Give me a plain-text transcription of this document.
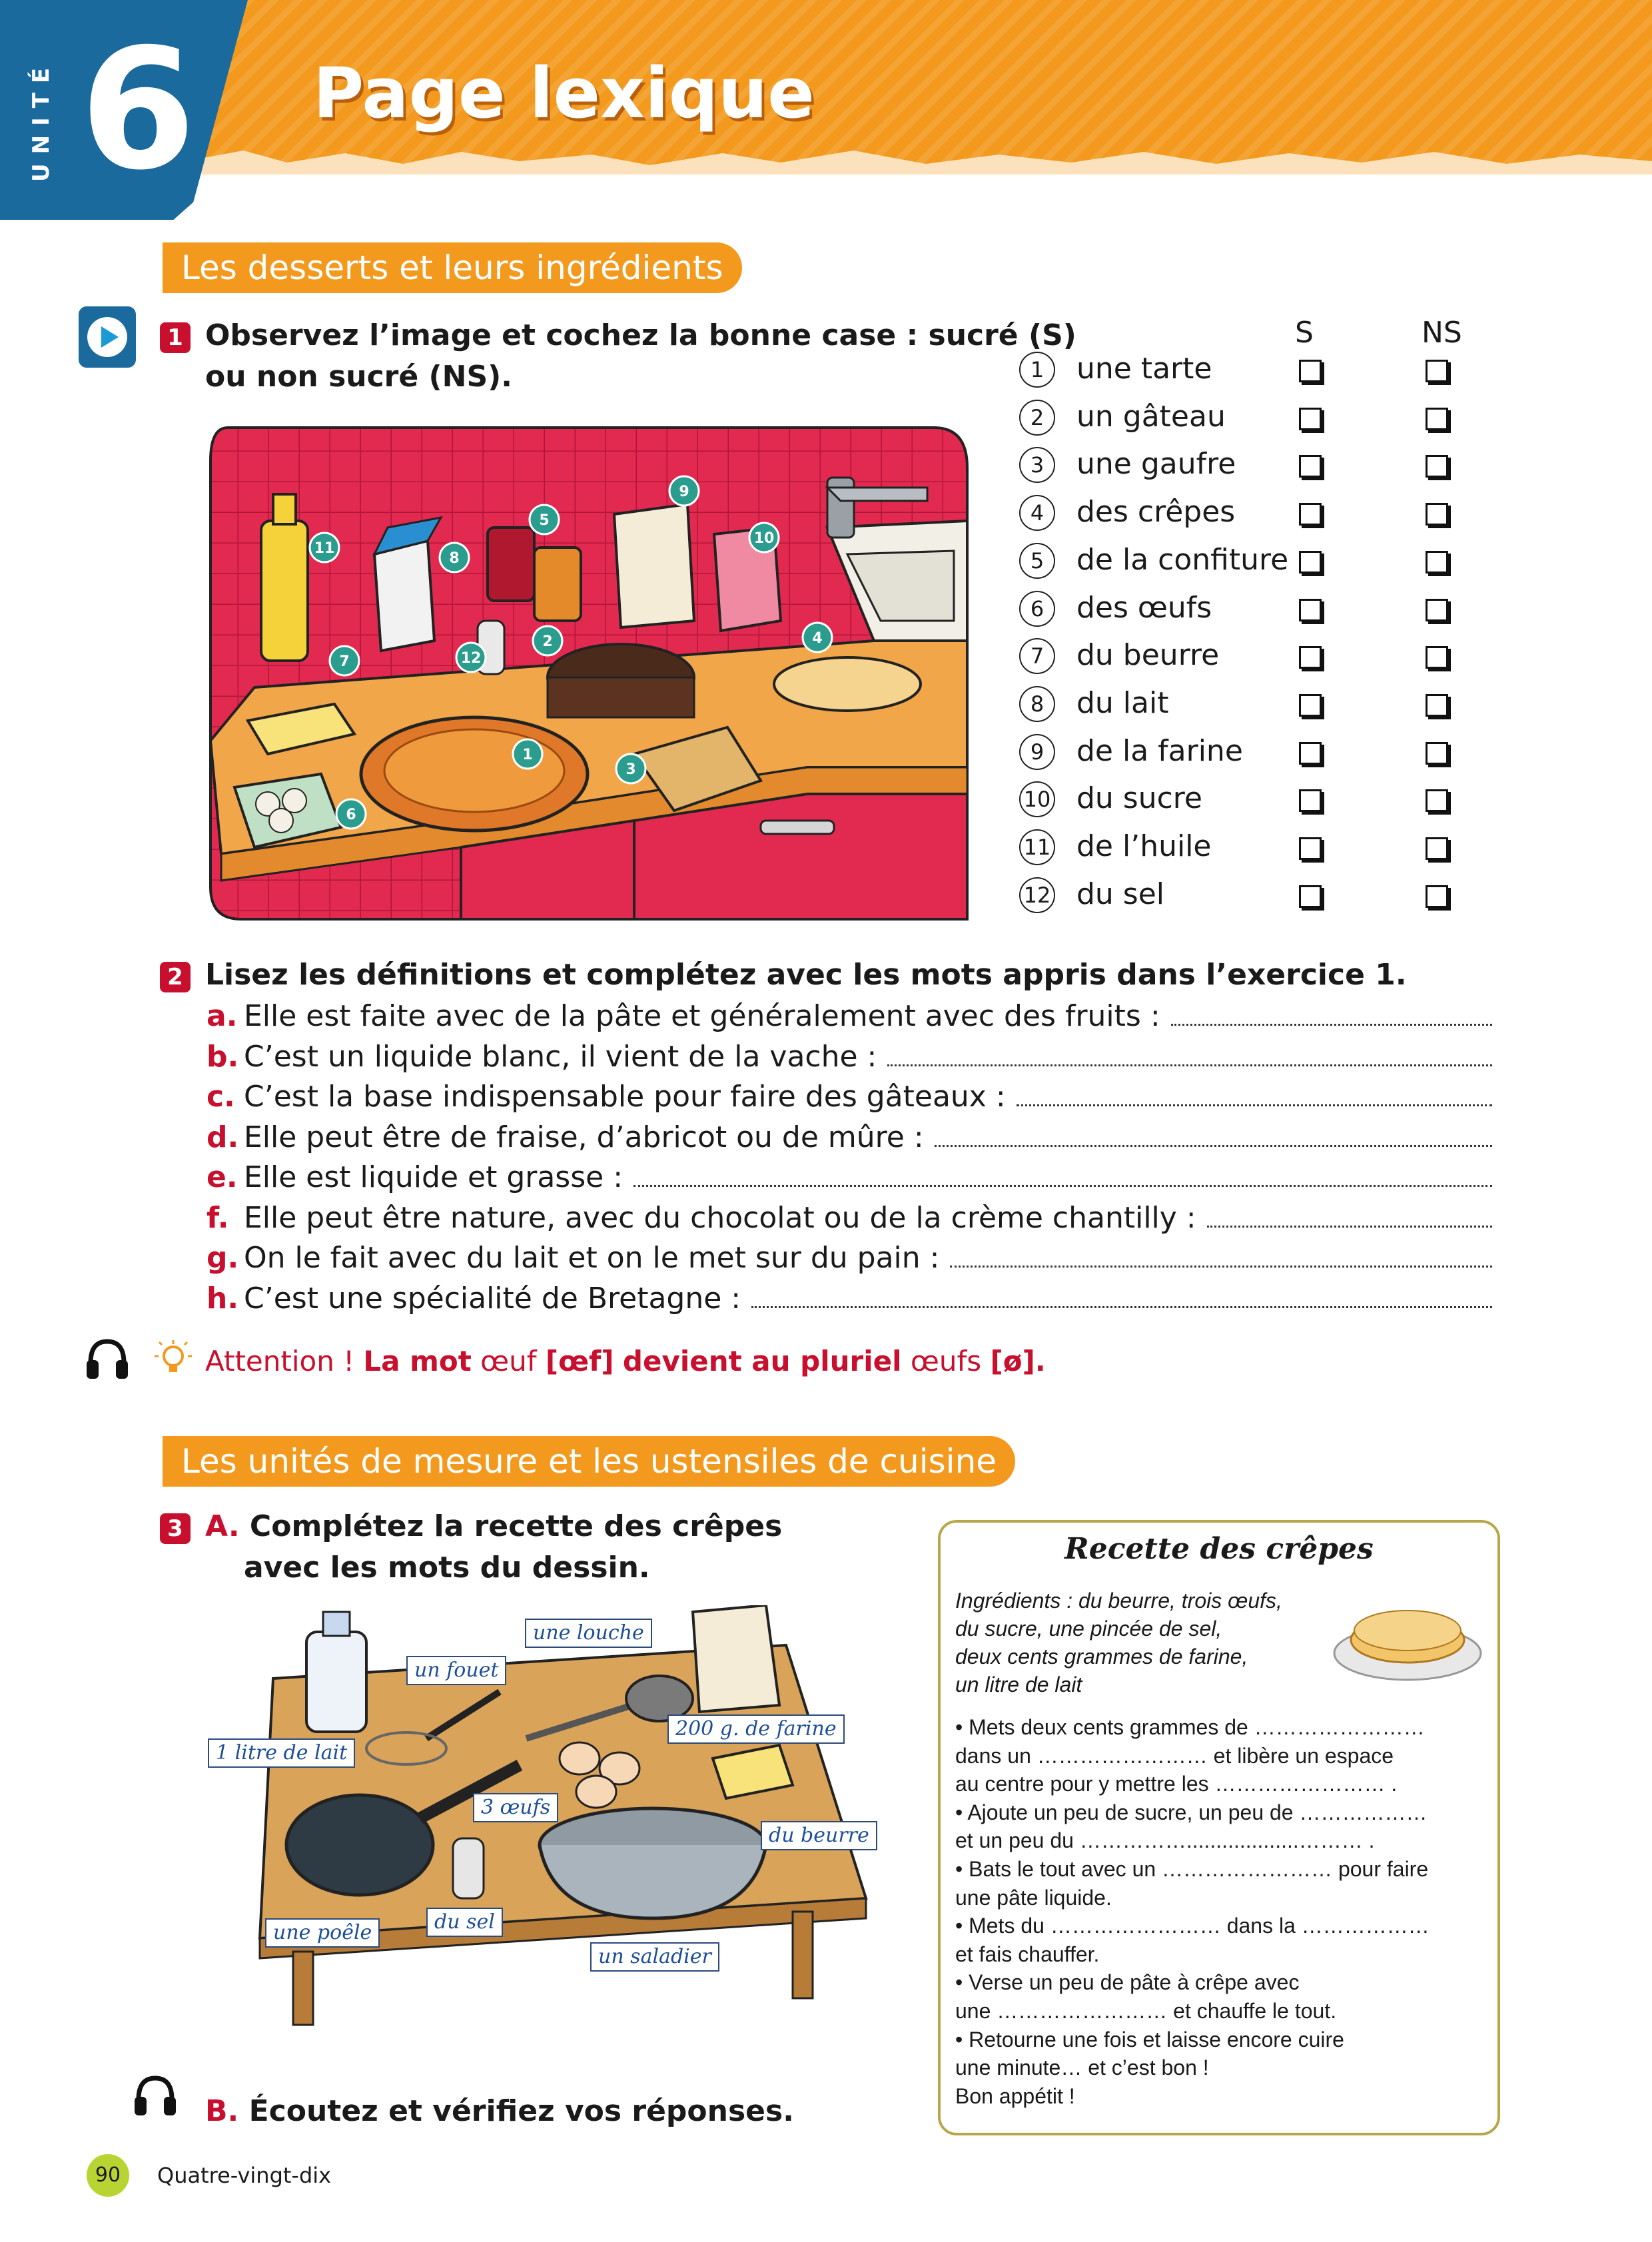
UNITÉ 6 Page lexique
Les desserts et leurs ingrédients
1 Observez l’image et cochez la bonne case : sucré (S)
ou non sucré (NS).
1
2
3
4
5
6
7
8
9
10
11
12
S	NS
1	une tarte
2	un gâteau
3	une gaufre
4	des crêpes
5	de la confiture
6	des œufs
7	du beurre
8	du lait
9	de la farine
10 du sucre
11 de l’huile
12 du sel
2 Lisez les définitions et complétez avec les mots appris dans l’exercice 1.
a. Elle est faite avec de la pâte et généralement avec des fruits :
b. C’est un liquide blanc, il vient de la vache :
c. C’est la base indispensable pour faire des gâteaux :
d. Elle peut être de fraise, d’abricot ou de mûre :
e. Elle est liquide et grasse :
f. Elle peut être nature, avec du chocolat ou de la crème chantilly :
g. On le fait avec du lait et on le met sur du pain :
h. C’est une spécialité de Bretagne :
Attention ! La mot œuf [œf] devient au pluriel œufs [ø].
Les unités de mesure et les ustensiles de cuisine
3 A. Complétez la recette des crêpes
avec les mots du dessin.
une louche
un fouet
200 g. de farine
1 litre de lait
3 œufs
du beurre
du sel
une poêle
un saladier
B. Écoutez et vérifiez vos réponses.
Recette des crêpes
Ingrédients : du beurre, trois œufs,
du sucre, une pincée de sel,
deux cents grammes de farine,
un litre de lait
• Mets deux cents grammes de ……………………
dans un …………………… et libère un espace
au centre pour y mettre les …………………… .
• Ajoute un peu de sucre, un peu de ………………
et un peu du ……………...................……… .
• Bats le tout avec un …………………… pour faire
une pâte liquide.
• Mets du …………………… dans la ………………
et fais chauffer.
• Verse un peu de pâte à crêpe avec
une …………………… et chauffe le tout.
• Retourne une fois et laisse encore cuire
une minute… et c’est bon !
Bon appétit !
90	Quatre-vingt-dix
